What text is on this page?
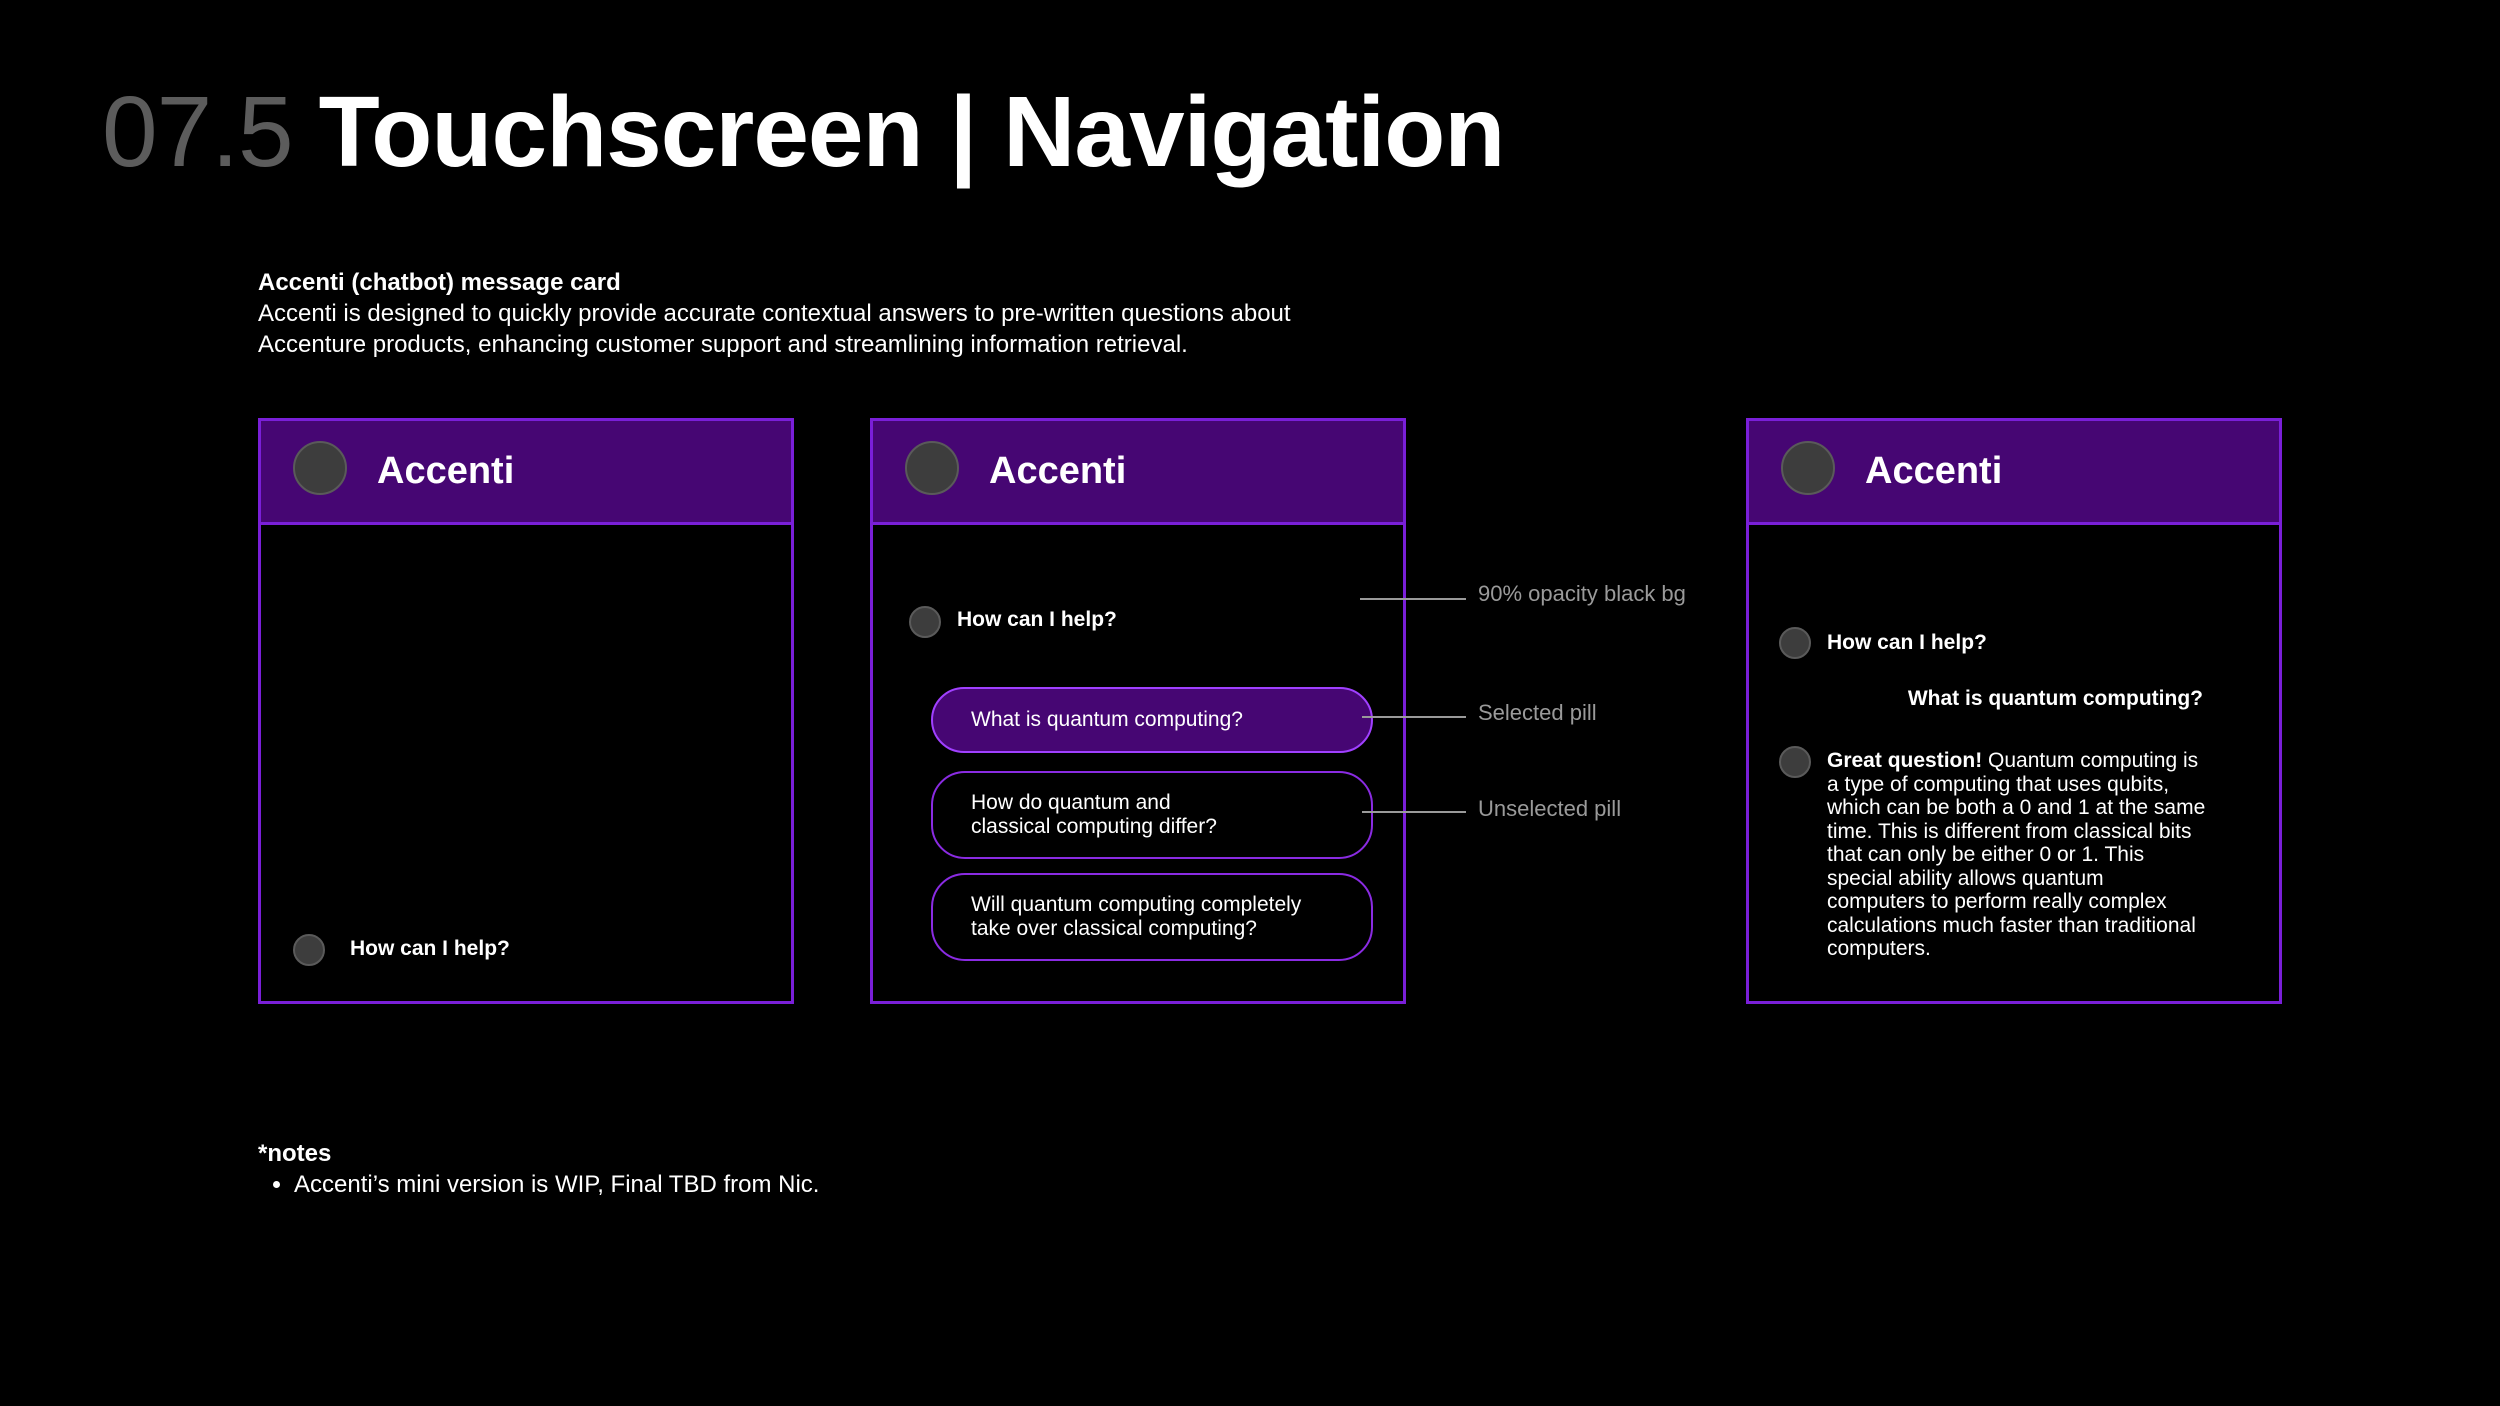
07.5 Touchscreen | Navigation
Accenti (chatbot) message card
Accenti is designed to quickly provide accurate contextual answers to pre-written questions about
Accenture products, enhancing customer support and streamlining information retrieval.
Accenti
How can I help?
Accenti
How can I help?
What is quantum computing?
How do quantum and
classical computing differ?
Will quantum computing completely
take over classical computing?
90% opacity black bg
Selected pill
Unselected pill
Accenti
How can I help?
What is quantum computing?
Great question! Quantum computing is a type of computing that uses qubits, which can be both a 0 and 1 at the same time. This is different from classical bits that can only be either 0 or 1. This special ability allows quantum computers to perform really complex calculations much faster than traditional computers.
*notes
• Accenti’s mini version is WIP, Final TBD from Nic.
